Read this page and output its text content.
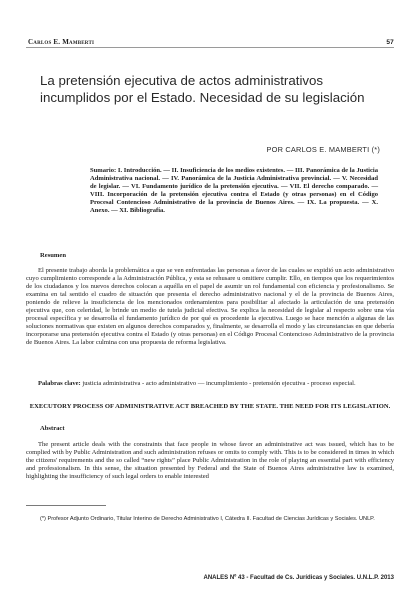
Carlos E. Mamberti	57
La pretensión ejecutiva de actos administrativos incumplidos por el Estado. Necesidad de su legislación
POR CARLOS E. MAMBERTI (*)

Sumario: I. Introducción. — II. Insuficiencia de los medios existentes. — III. Panorámica de la Justicia Administrativa nacional. — IV. Panorámica de la Justicia Administrativa provincial. — V. Necesidad de legislar. — VI. Fundamento jurídico de la pretensión ejecutiva. — VII. El derecho comparado. — VIII. Incorporación de la pretensión ejecutiva contra el Estado (y otras personas) en el Código Procesal Contencioso Administrativo de la provincia de Buenos Aires. — IX. La propuesta. — X. Anexo. — XI. Bibliografía.

Resumen

El presente trabajo aborda la problemática a que se ven enfrentadas las personas a favor de las cuales se expidió un acto administrativo cuyo cumplimiento corresponde a la Administración Pública, y esta se rehusare u omitiere cumplir. Ello, en tiempos que los requerimientos de los ciudadanos y los nuevos derechos colocan a aquélla en el papel de asumir un rol fundamental con eficiencia y profesionalismo. Se examina en tal sentido el cuadro de situación que presenta el derecho administrativo nacional y el de la provincia de Buenos Aires, poniendo de relieve la insuficiencia de los mencionados ordenamientos para posibilitar al afectado la articulación de una pretensión ejecutiva que, con celeridad, le brinde un medio de tutela judicial efectiva. Se explica la necesidad de legislar al respecto sobre una vía procesal específica y se desarrolla el fundamento jurídico de por qué es procedente la ejecutiva. Luego se hace mención a algunas de las soluciones normativas que existen en algunos derechos comparados y, finalmente, se desarrolla el modo y las circunstancias en que debería incorporarse una pretensión ejecutiva contra el Estado (y otras personas) en el Código Procesal Contencioso Administrativo de la provincia de Buenos Aires. La labor culmina con una propuesta de reforma legislativa.

Palabras clave: justicia administrativa - acto administrativo — incumplimiento - pretensión ejecutiva - proceso especial.

EXECUTORY PROCESS OF ADMINISTRATIVE ACT BREACHED BY THE STATE. THE NEED FOR ITS LEGISLATION.

Abstract

The present article deals with the constraints that face people in whose favor an administrative act was issued, which has to be complied with by Public Administration and such administration refuses or omits to comply with. This is to be considered in times in which the citizens' requirements and the so called “new rights” place Public Administration in the role of playing an essential part with efficiency and professionalism. In this sense, the situation presented by Federal and the State of Buenos Aires administrative law is examined, highlighting the insufficiency of such legal orders to enable interested

(*) Profesor Adjunto Ordinario, Titular Interino de Derecho Administrativo I, Cátedra II. Facultad de Ciencias Jurídicas y Sociales. UNLP.

ANALES Nº 43 - Facultad de Cs. Jurídicas y Sociales. U.N.L.P. 2013
